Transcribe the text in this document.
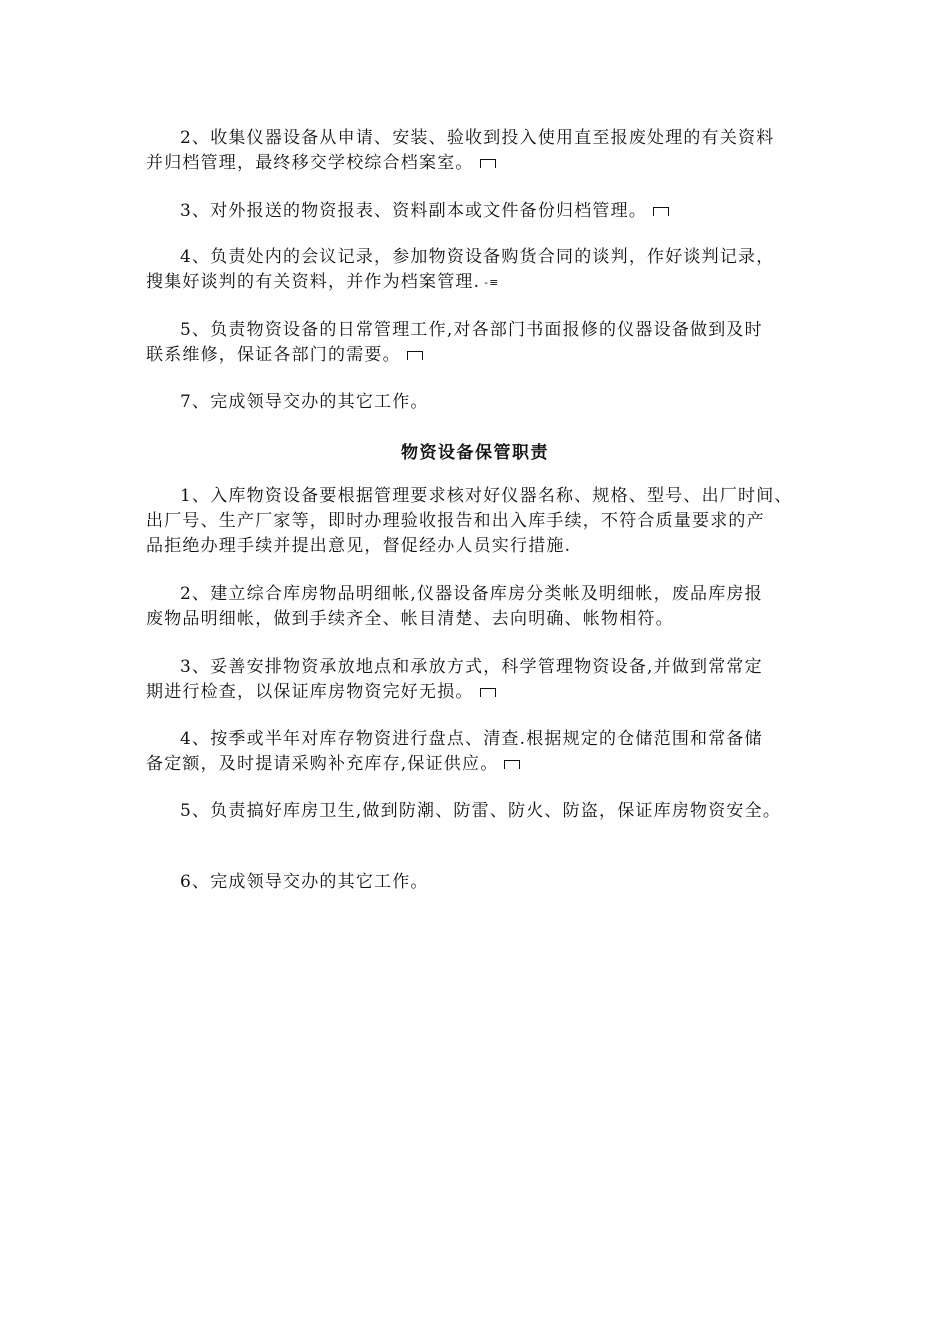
2、收集仪器设备从申请、安装、验收到投入使用直至报废处理的有关资料
并归档管理，最终移交学校综合档案室。
3、对外报送的物资报表、资料副本或文件备份归档管理。
4、负责处内的会议记录，参加物资设备购货合同的谈判，作好谈判记录，
搜集好谈判的有关资料，并作为档案管理. -≡
5、负责物资设备的日常管理工作,对各部门书面报修的仪器设备做到及时
联系维修，保证各部门的需要。
7、完成领导交办的其它工作。
物资设备保管职责
1、入库物资设备要根据管理要求核对好仪器名称、规格、型号、出厂时间、
出厂号、生产厂家等，即时办理验收报告和出入库手续，不符合质量要求的产
品拒绝办理手续并提出意见，督促经办人员实行措施.
2、建立综合库房物品明细帐,仪器设备库房分类帐及明细帐，废品库房报
废物品明细帐，做到手续齐全、帐目清楚、去向明确、帐物相符。
3、妥善安排物资承放地点和承放方式，科学管理物资设备,并做到常常定
期进行检查，以保证库房物资完好无损。
4、按季或半年对库存物资进行盘点、清查.根据规定的仓储范围和常备储
备定额，及时提请采购补充库存,保证供应。
5、负责搞好库房卫生,做到防潮、防雷、防火、防盗，保证库房物资安全。
6、完成领导交办的其它工作。
